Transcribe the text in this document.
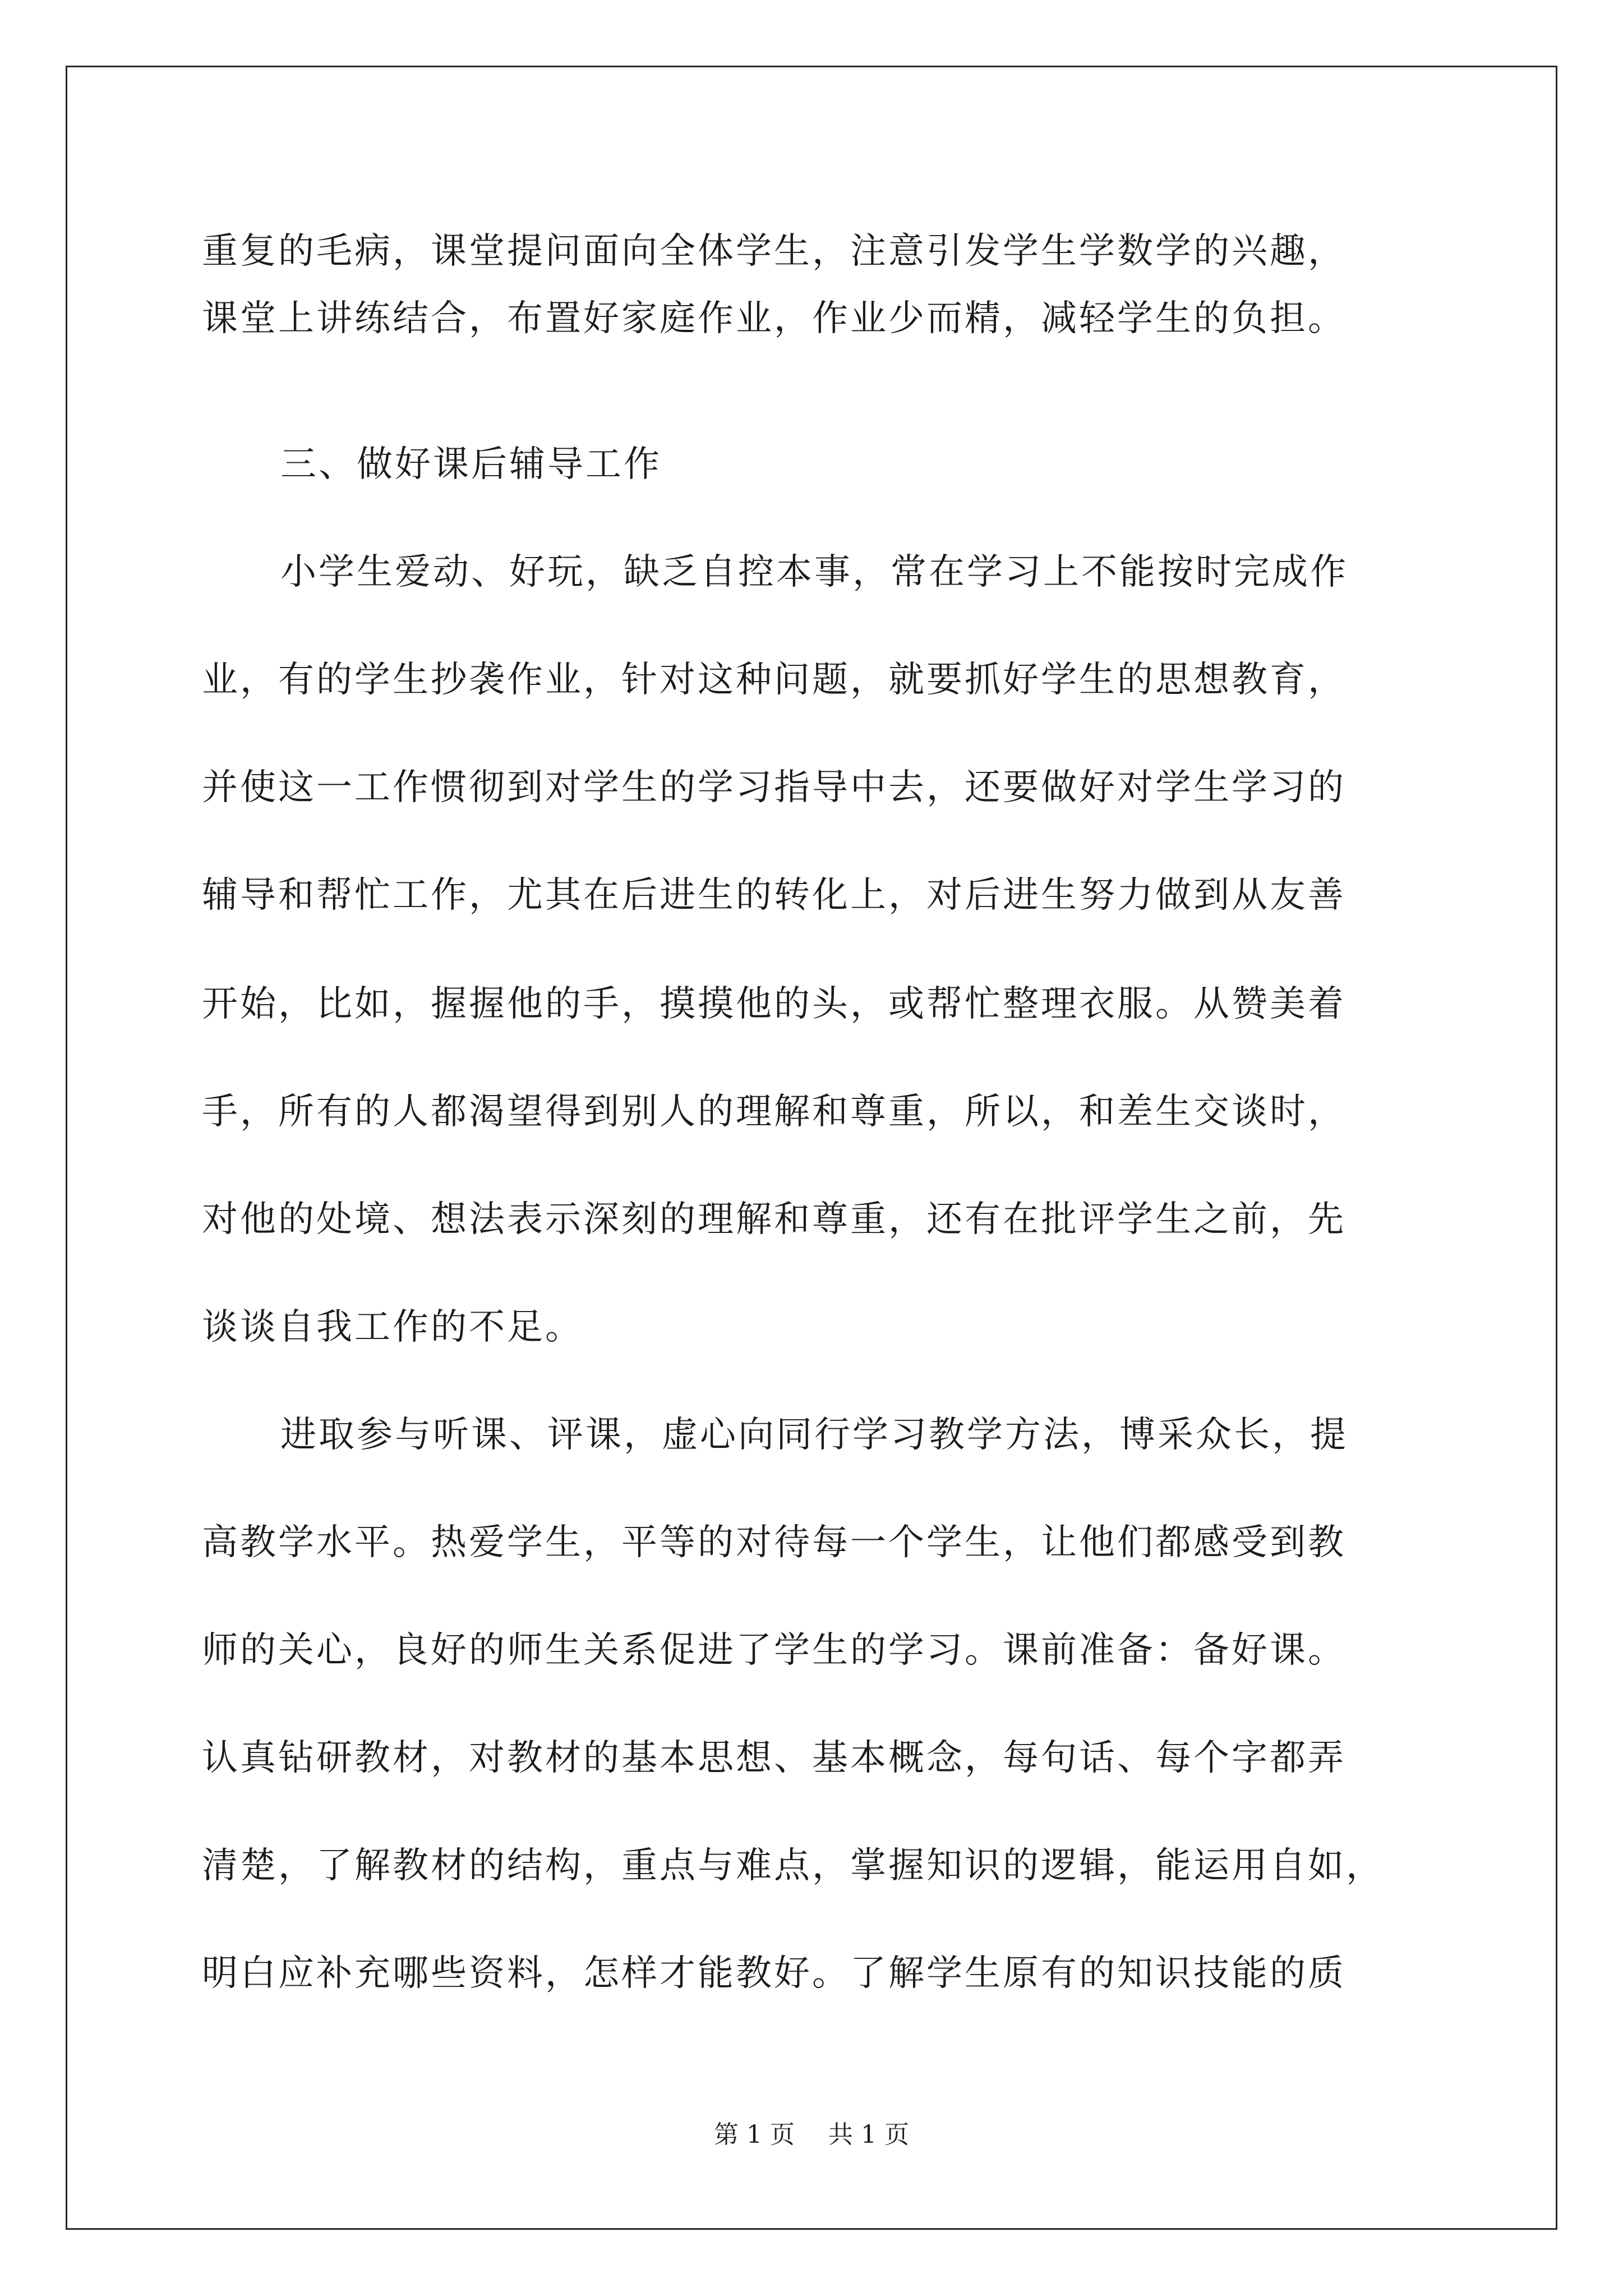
重复的毛病，课堂提问面向全体学生，注意引发学生学数学的兴趣，
课堂上讲练结合，布置好家庭作业，作业少而精，减轻学生的负担。
三、做好课后辅导工作
小学生爱动、好玩，缺乏自控本事，常在学习上不能按时完成作
业，有的学生抄袭作业，针对这种问题，就要抓好学生的思想教育，
并使这一工作惯彻到对学生的学习指导中去，还要做好对学生学习的
辅导和帮忙工作，尤其在后进生的转化上，对后进生努力做到从友善
开始，比如，握握他的手，摸摸他的头，或帮忙整理衣服。从赞美着
手，所有的人都渴望得到别人的理解和尊重，所以，和差生交谈时，
对他的处境、想法表示深刻的理解和尊重，还有在批评学生之前，先
谈谈自我工作的不足。
进取参与听课、评课，虚心向同行学习教学方法，博采众长，提
高教学水平。热爱学生，平等的对待每一个学生，让他们都感受到教
师的关心，良好的师生关系促进了学生的学习。课前准备：备好课。
认真钻研教材，对教材的基本思想、基本概念，每句话、每个字都弄
清楚，了解教材的结构，重点与难点，掌握知识的逻辑，能运用自如，
明白应补充哪些资料，怎样才能教好。了解学生原有的知识技能的质
第 1 页 共 1 页
